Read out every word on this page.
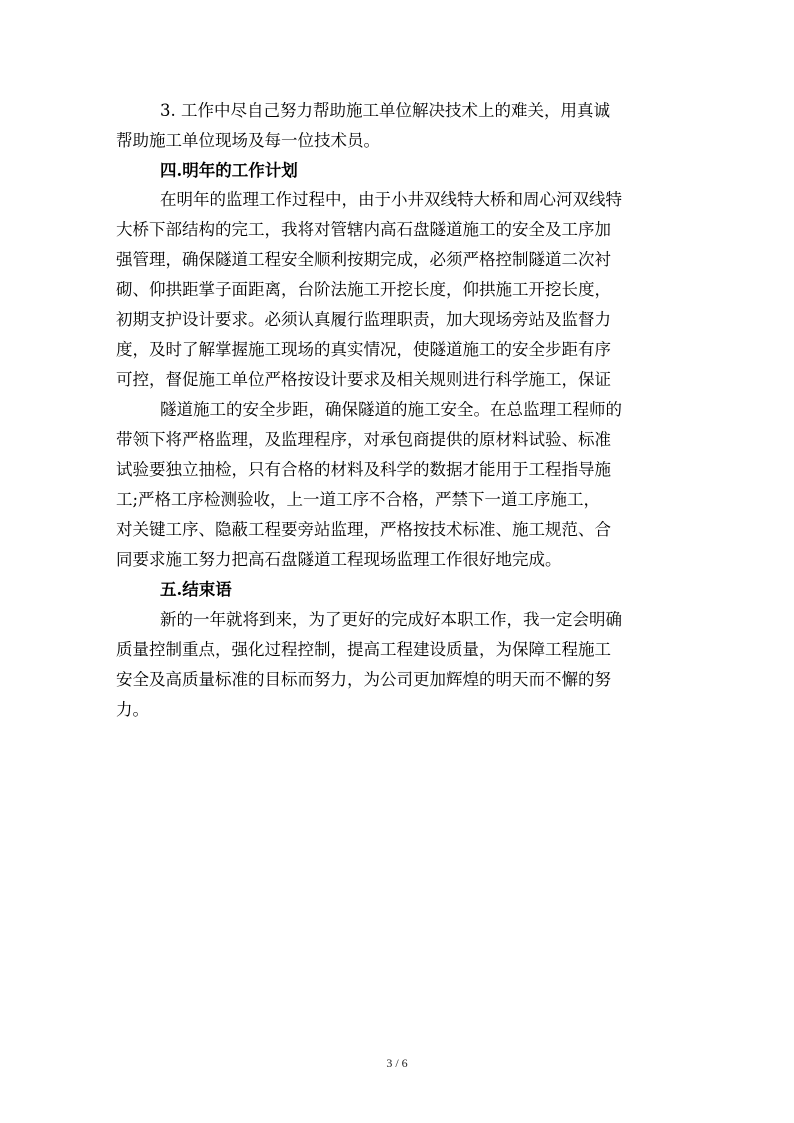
3. 工作中尽自己努力帮助施工单位解决技术上的难关，用真诚
帮助施工单位现场及每一位技术员。
四.明年的工作计划
在明年的监理工作过程中，由于小井双线特大桥和周心河双线特
大桥下部结构的完工，我将对管辖内高石盘隧道施工的安全及工序加
强管理，确保隧道工程安全顺利按期完成，必须严格控制隧道二次衬
砌、仰拱距掌子面距离，台阶法施工开挖长度，仰拱施工开挖长度，
初期支护设计要求。必须认真履行监理职责，加大现场旁站及监督力
度，及时了解掌握施工现场的真实情况，使隧道施工的安全步距有序
可控，督促施工单位严格按设计要求及相关规则进行科学施工，保证
隧道施工的安全步距，确保隧道的施工安全。在总监理工程师的
带领下将严格监理，及监理程序，对承包商提供的原材料试验、标准
试验要独立抽检，只有合格的材料及科学的数据才能用于工程指导施
工;严格工序检测验收，上一道工序不合格，严禁下一道工序施工，
对关键工序、隐蔽工程要旁站监理，严格按技术标准、施工规范、合
同要求施工努力把高石盘隧道工程现场监理工作很好地完成。
五.结束语
新的一年就将到来，为了更好的完成好本职工作，我一定会明确
质量控制重点，强化过程控制，提高工程建设质量，为保障工程施工
安全及高质量标准的目标而努力，为公司更加辉煌的明天而不懈的努
力。
3 / 6
